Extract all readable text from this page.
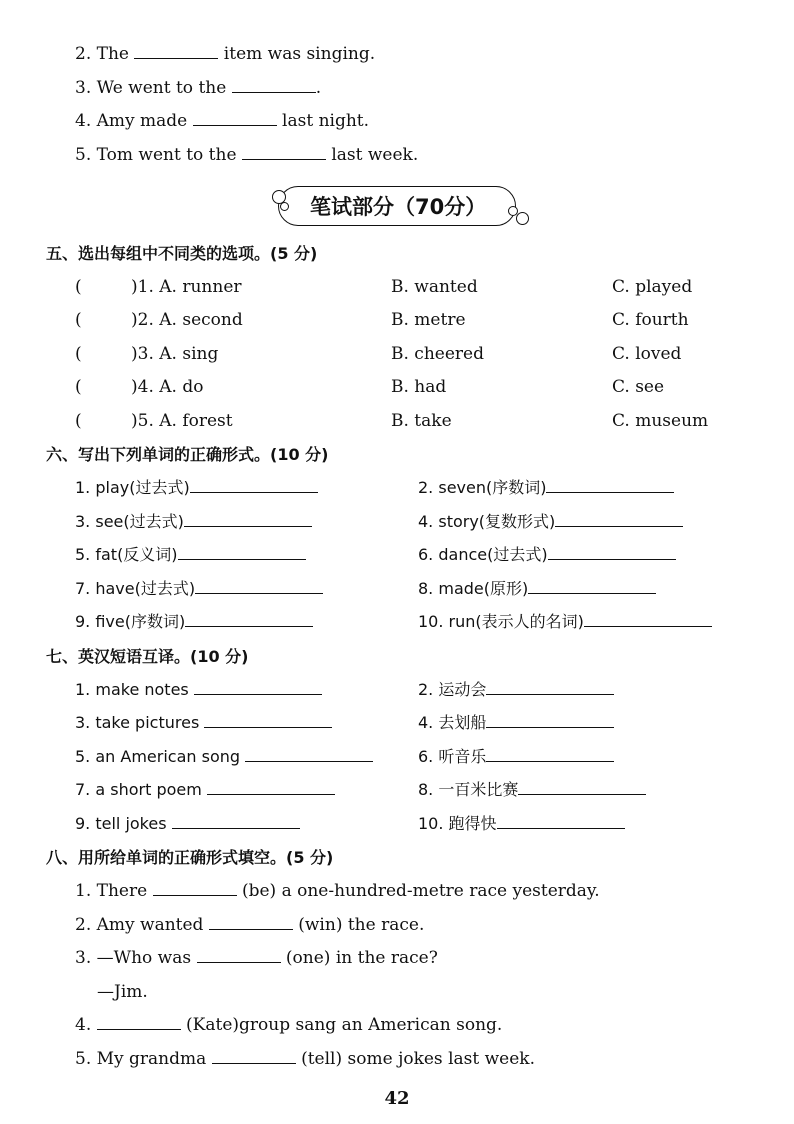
2. The	item was singing.
3. We went to the	.
4. Amy made	last night.
5. Tom went to the	last week.
笔试部分（70分）
五、选出每组中不同类的选项。(5 分)
(	)1. A. runner	B. wanted	C. played
(	)2. A. second	B. metre	C. fourth
(	)3. A. sing	B. cheered	C. loved
(	)4. A. do	B. had	C. see
(	)5. A. forest	B. take	C. museum
六、写出下列单词的正确形式。(10 分)
1. play(过去式)	2. seven(序数词)
3. see(过去式)	4. story(复数形式)
5. fat(反义词)	6. dance(过去式)
7. have(过去式)	8. made(原形)
9. five(序数词)	10. run(表示人的名词)
七、英汉短语互译。(10 分)
1. make notes	2. 运动会
3. take pictures	4. 去划船
5. an American song	6. 听音乐
7. a short poem	8. 一百米比赛
9. tell jokes	10. 跑得快
八、用所给单词的正确形式填空。(5 分)
1. There	(be) a one-hundred-metre race yesterday.
2. Amy wanted	(win) the race.
3. —Who was	(one) in the race?
—Jim.
4.	(Kate)group sang an American song.
5. My grandma	(tell) some jokes last week.
42
